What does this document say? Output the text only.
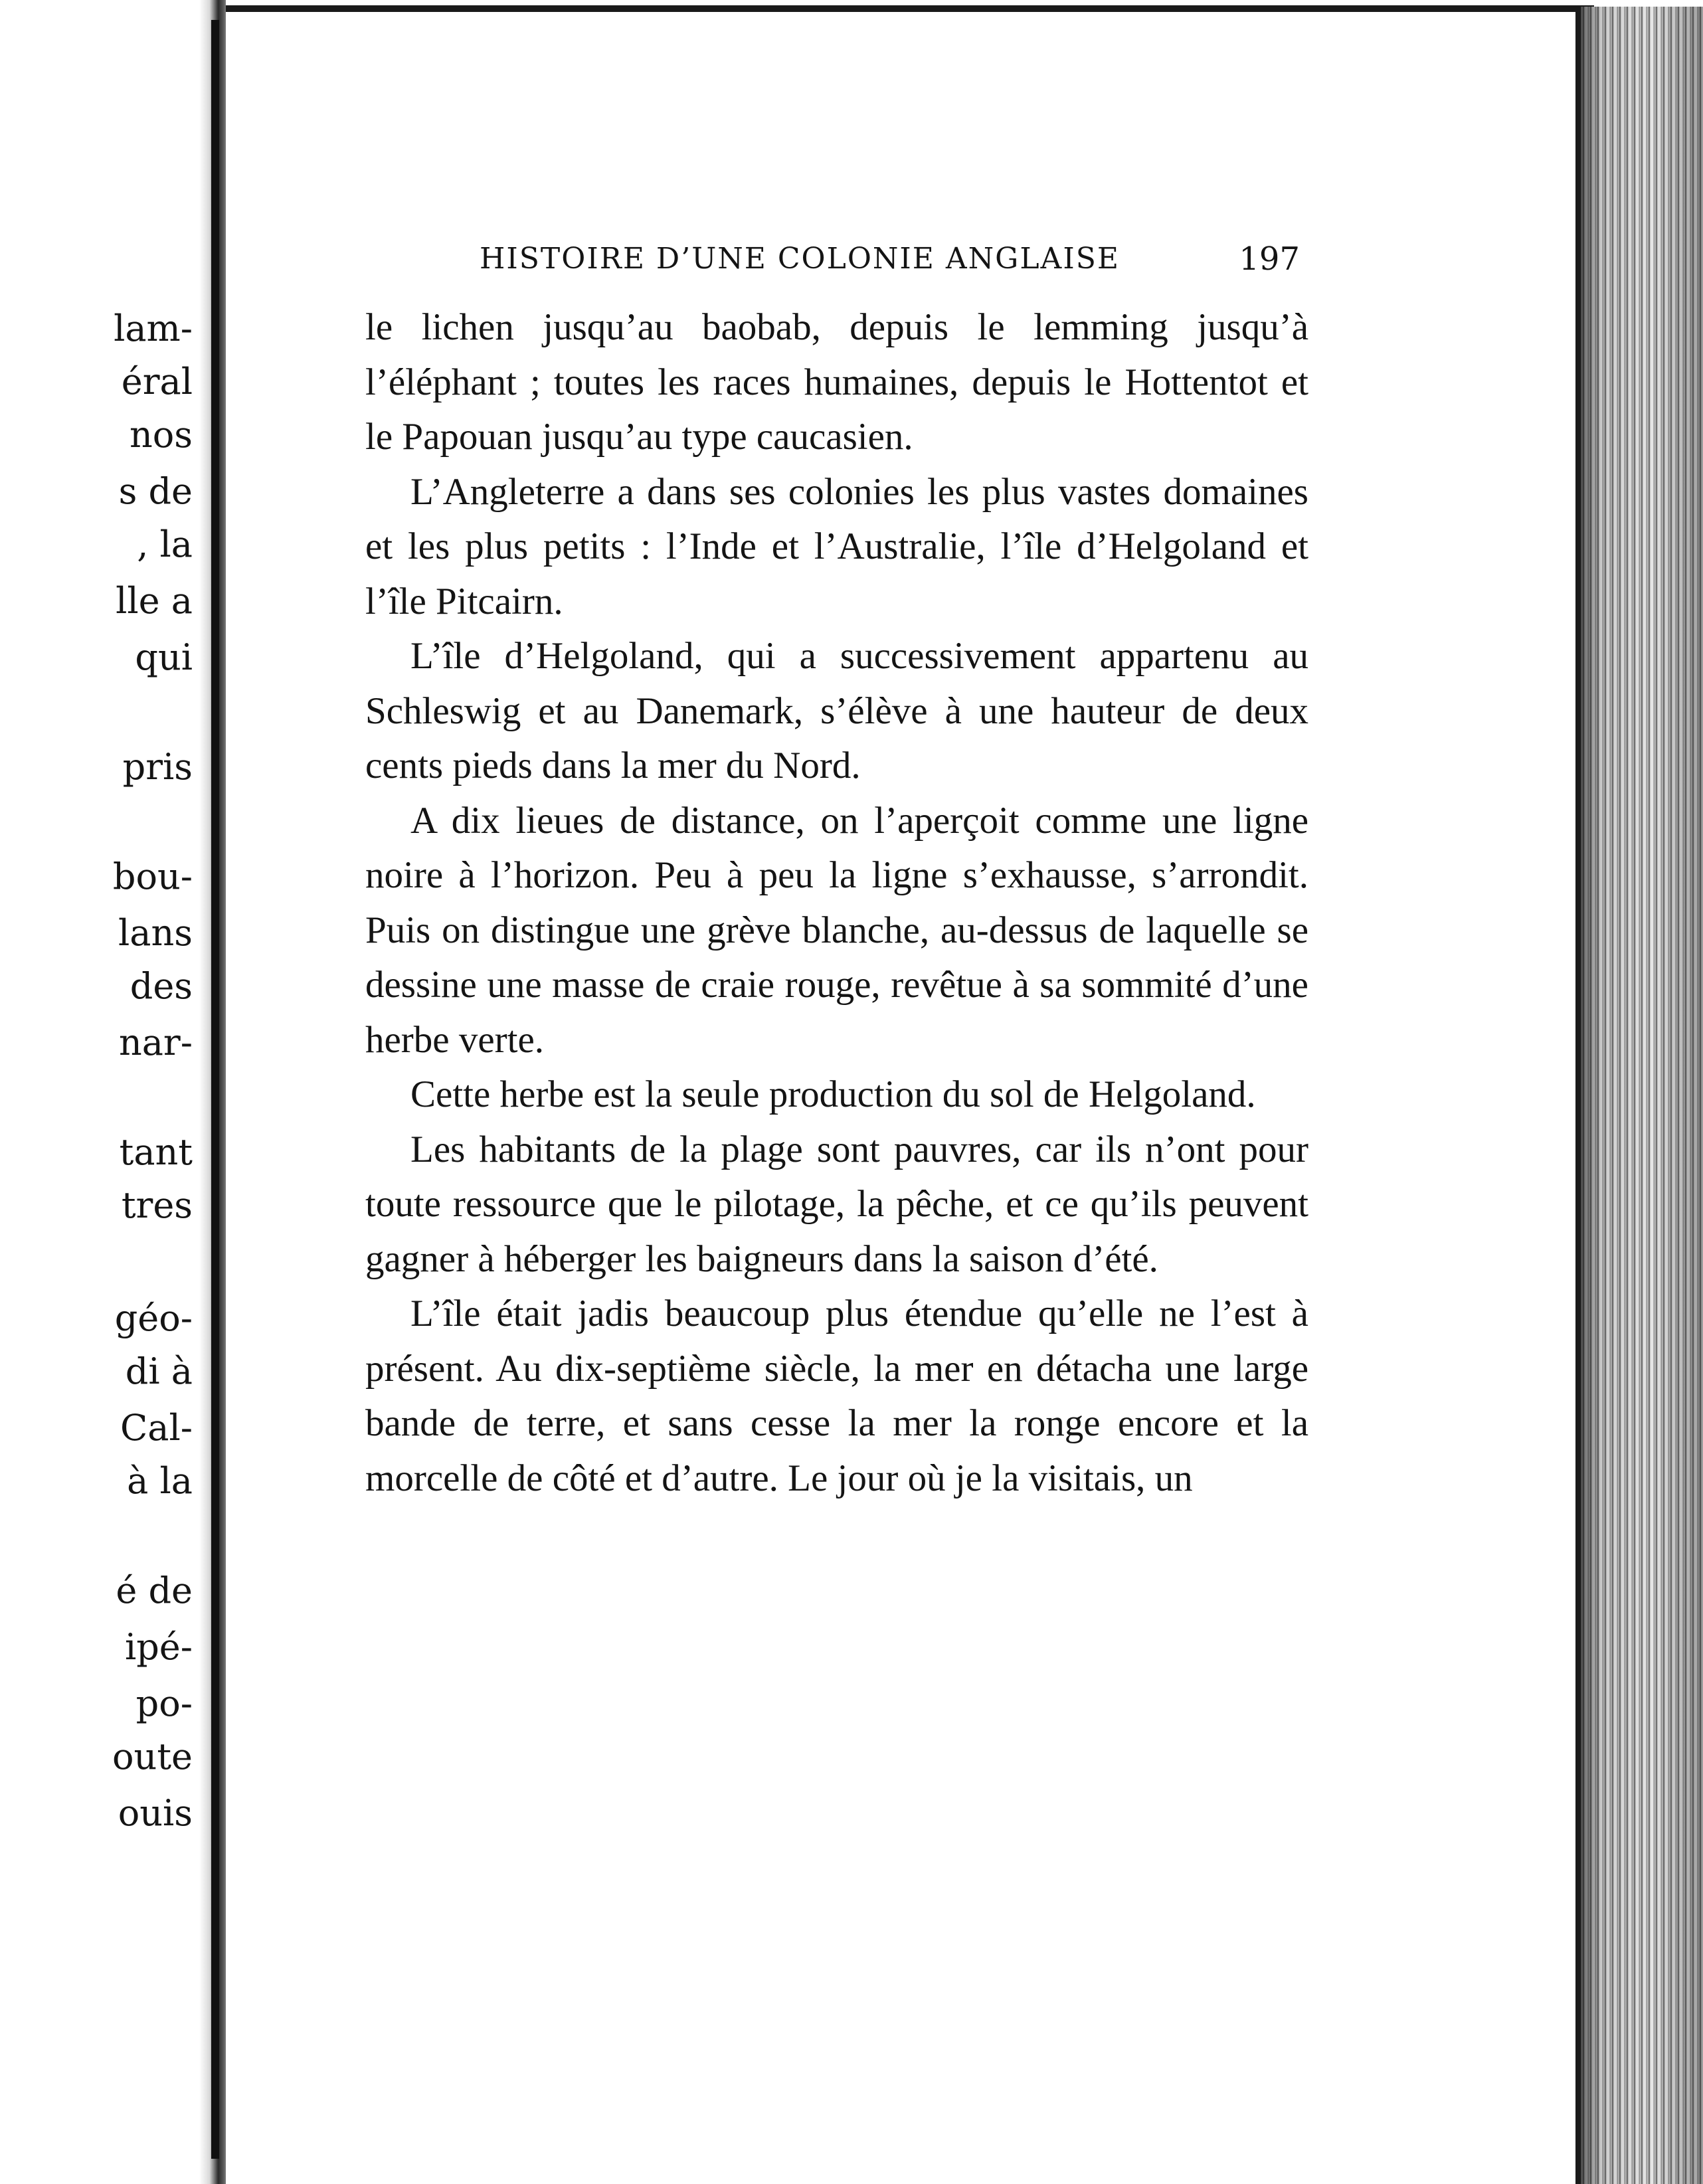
lam-

éral

nos

s de

, la

lle a

qui

pris

bou-

lans

des

nar-

tant

tres

géo-

di à

Cal-

à la

é de

ipé-

po-

oute

ouis

HISTOIRE D’UNE COLONIE ANGLAISE	197

le lichen jusqu’au baobab, depuis le lemming jusqu’à l’éléphant ; toutes les races humaines, depuis le Hottentot et le Papouan jusqu’au type caucasien.

L’Angleterre a dans ses colonies les plus vastes domaines et les plus petits : l’Inde et l’Australie, l’île d’Helgoland et l’île Pitcairn.

L’île d’Helgoland, qui a successivement appartenu au Schleswig et au Danemark, s’élève à une hauteur de deux cents pieds dans la mer du Nord.

A dix lieues de distance, on l’aperçoit comme une ligne noire à l’horizon. Peu à peu la ligne s’exhausse, s’arrondit. Puis on distingue une grève blanche, au-dessus de laquelle se dessine une masse de craie rouge, revêtue à sa sommité d’une herbe verte.

Cette herbe est la seule production du sol de Helgoland.

Les habitants de la plage sont pauvres, car ils n’ont pour toute ressource que le pilotage, la pêche, et ce qu’ils peuvent gagner à héberger les baigneurs dans la saison d’été.

L’île était jadis beaucoup plus étendue qu’elle ne l’est à présent. Au dix-septième siècle, la mer en détacha une large bande de terre, et sans cesse la mer la ronge encore et la morcelle de côté et d’autre. Le jour où je la visitais, un
